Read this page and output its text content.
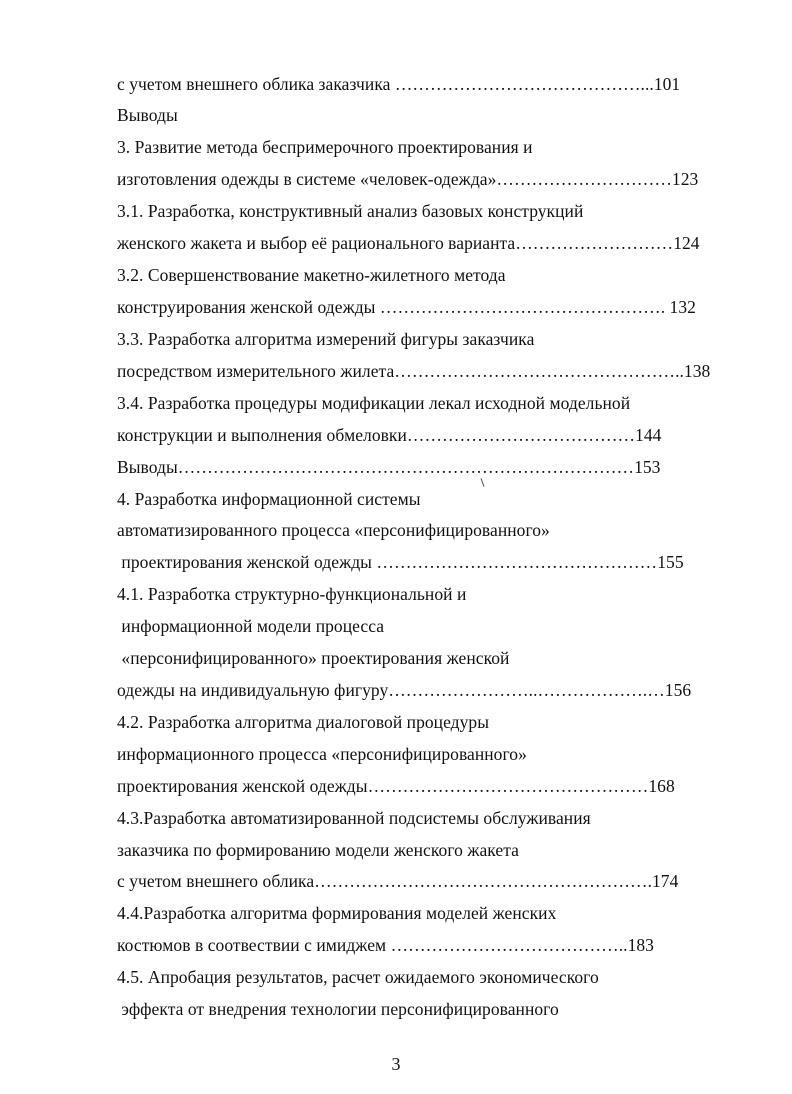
с учетом внешнего облика заказчика ……………………………………...101
Выводы
3. Развитие метода беспримерочного проектирования и
изготовления одежды в системе «человек-одежда»…………………………123
3.1. Разработка, конструктивный анализ базовых конструкций
женского жакета и выбор её рационального варианта………………………124
3.2. Совершенствование макетно-жилетного метода
конструирования женской одежды …………………………………………. 132
3.3. Разработка алгоритма измерений фигуры заказчика
посредством измерительного жилета…………………………………………..138
3.4. Разработка процедуры модификации лекал исходной модельной
конструкции и выполнения обмеловки…………………………………144
Выводы……………………………………………………………………153
4. Разработка информационной системы
автоматизированного процесса «персонифицированного»
проектирования женской одежды …………………………………………155
4.1. Разработка структурно-функциональной и
информационной модели процесса
«персонифицированного» проектирования женской
одежды на индивидуальную фигуру……………………..……………….…156
4.2. Разработка алгоритма диалоговой процедуры
информационного процесса «персонифицированного»
проектирования женской одежды…………………………………………168
4.3.Разработка автоматизированной подсистемы обслуживания
заказчика по формированию модели женского жакета
с учетом внешнего облика………………………………………………….174
4.4.Разработка алгоритма формирования моделей женских
костюмов в соотвествии с имиджем …………………………………..183
4.5. Апробация результатов, расчет ожидаемого экономического
эффекта от внедрения технологии персонифицированного
3
